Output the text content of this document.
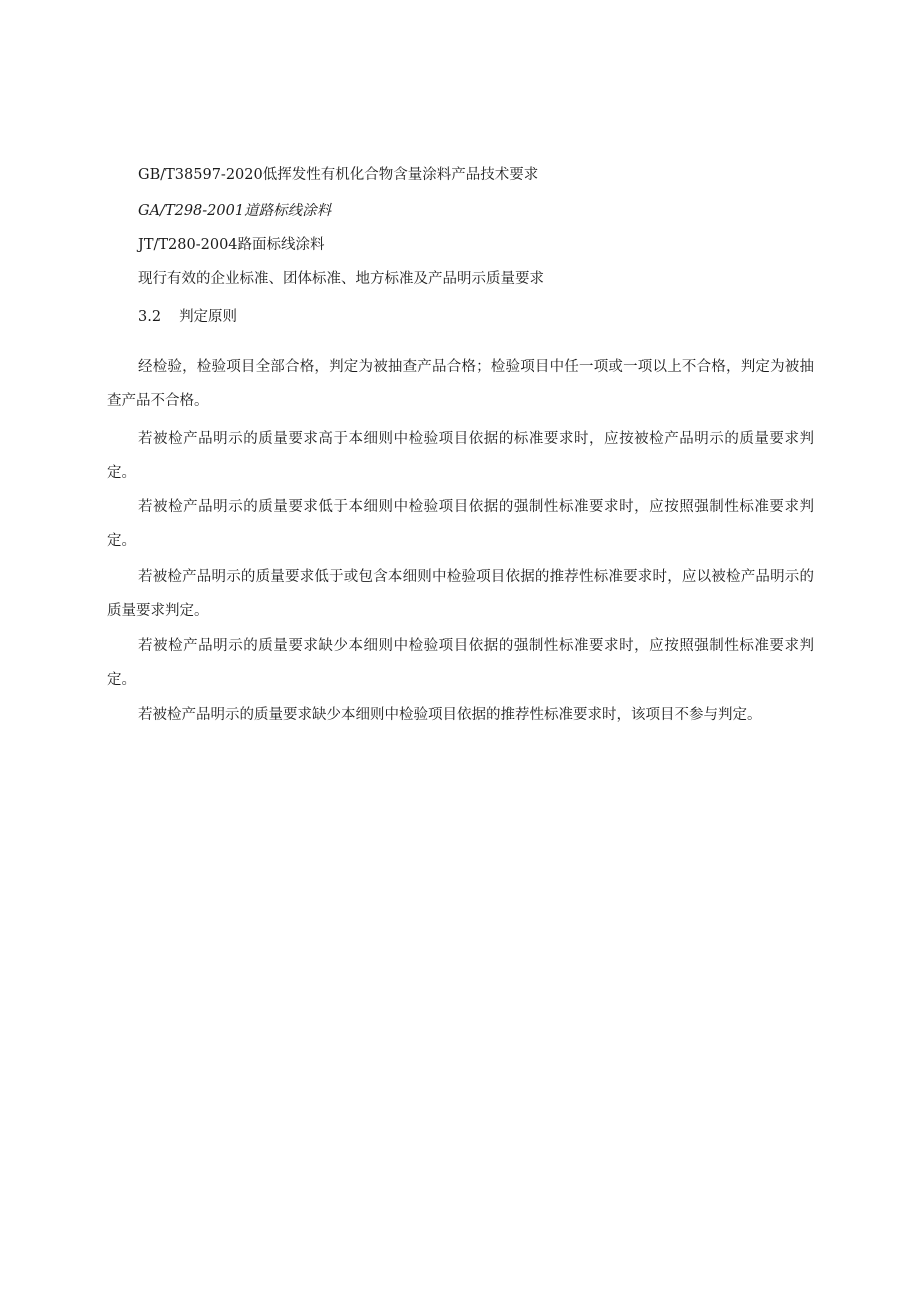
GB/T38597-2020低挥发性有机化合物含量涂料产品技术要求
GA/T298-2001道路标线涂料
JT/T280-2004路面标线涂料
现行有效的企业标准、团体标准、地方标准及产品明示质量要求
3.2 判定原则
经检验，检验项目全部合格，判定为被抽查产品合格；检验项目中任一项或一项以上不合格，判定为被抽查产品不合格。
若被检产品明示的质量要求高于本细则中检验项目依据的标准要求时，应按被检产品明示的质量要求判定。
若被检产品明示的质量要求低于本细则中检验项目依据的强制性标准要求时，应按照强制性标准要求判定。
若被检产品明示的质量要求低于或包含本细则中检验项目依据的推荐性标准要求时，应以被检产品明示的质量要求判定。
若被检产品明示的质量要求缺少本细则中检验项目依据的强制性标准要求时，应按照强制性标准要求判定。
若被检产品明示的质量要求缺少本细则中检验项目依据的推荐性标准要求时，该项目不参与判定。
